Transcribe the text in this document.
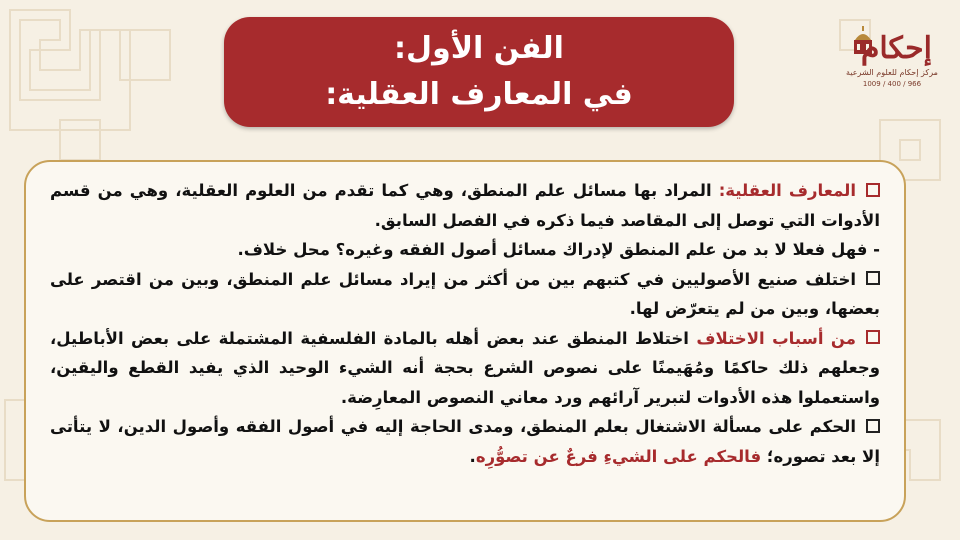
الفن الأول:
في المعارف العقلية:
إحكام
مركز إحكام للعلوم الشرعية
966 / 400 / 1009
المعارف العقلية: المراد بها مسائل علم المنطق، وهي كما تقدم من العلوم العقلية، وهي من قسم الأدوات التي توصل إلى المقاصد فيما ذكره في الفصل السابق.
- فهل فعلا لا بد من علم المنطق لإدراك مسائل أصول الفقه وغيره؟ محل خلاف.
اختلف صنيع الأصوليين في كتبهم بين من أكثر من إيراد مسائل علم المنطق، وبين من اقتصر على بعضها، وبين من لم يتعرّض لها.
من أسباب الاختلاف اختلاط المنطق عند بعض أهله بالمادة الفلسفية المشتملة على بعض الأباطيل، وجعلهم ذلك حاكمًا ومُهَيمنًا على نصوص الشرع بحجة أنه الشيء الوحيد الذي يفيد القطع واليقين، واستعملوا هذه الأدوات لتبرير آرائهم ورد معاني النصوص المعارِضة.
الحكم على مسألة الاشتغال بعلم المنطق، ومدى الحاجة إليه في أصول الفقه وأصول الدين، لا يتأتى إلا بعد تصوره؛ فالحكم على الشيءِ فرعٌ عن تصوُّرِه.
